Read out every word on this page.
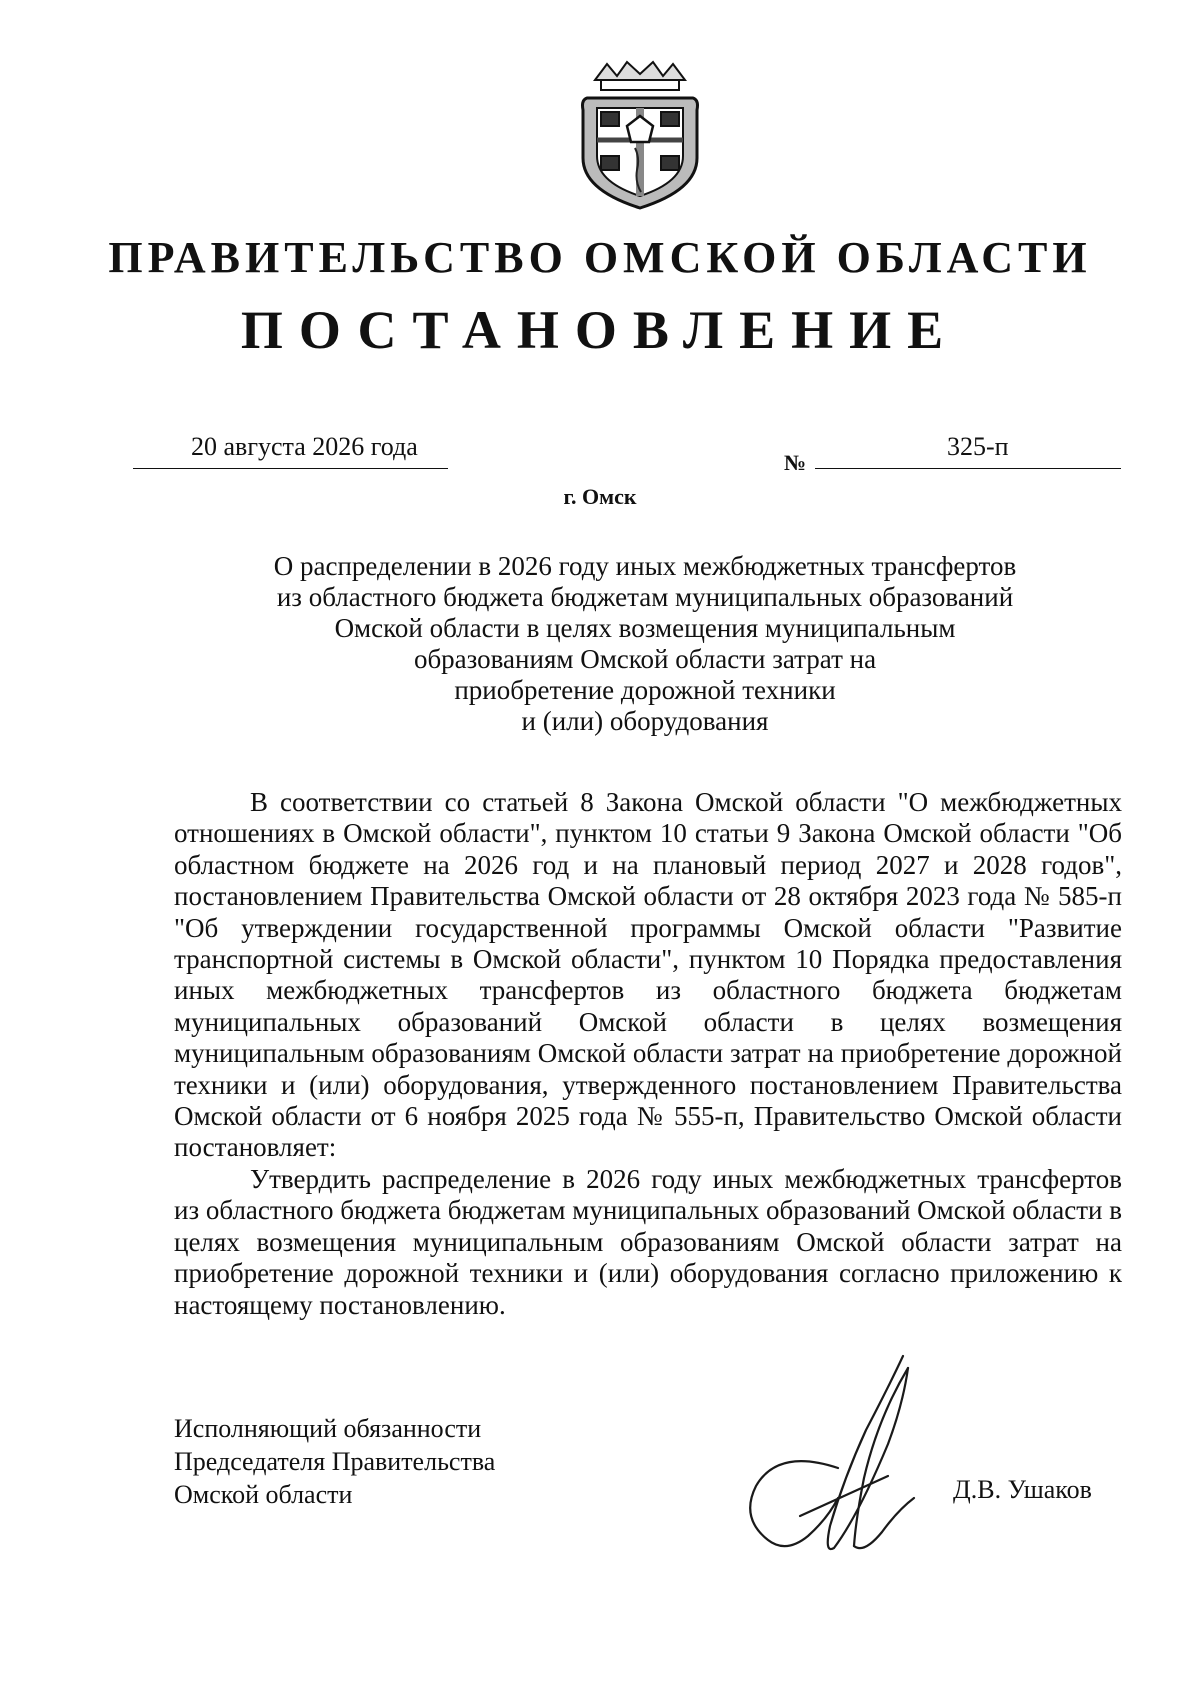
ПРАВИТЕЛЬСТВО ОМСКОЙ ОБЛАСТИ
ПОСТАНОВЛЕНИЕ
20 августа 2026 года
№
325-п
г. Омск
О распределении в 2026 году иных межбюджетных трансфертов
из областного бюджета бюджетам муниципальных образований
Омской области в целях возмещения муниципальным
образованиям Омской области затрат на
приобретение дорожной техники
и (или) оборудования

В соответствии со статьей 8 Закона Омской области "О межбюджетных отношениях в Омской области", пунктом 10 статьи 9 Закона Омской области "Об областном бюджете на 2026 год и на плановый период 2027 и 2028 годов", постановлением Правительства Омской области от 28 октября 2023 года № 585-п "Об утверждении государственной программы Омской области "Развитие транспортной системы в Омской области", пунктом 10 Порядка предоставления иных межбюджетных трансфертов из областного бюджета бюджетам муниципальных образований Омской области в целях возмещения муниципальным образованиям Омской области затрат на приобретение дорожной техники и (или) оборудования, утвержденного постановлением Правительства Омской области от 6 ноября 2025 года № 555-п, Правительство Омской области постановляет:

Утвердить распределение в 2026 году иных межбюджетных трансфертов из областного бюджета бюджетам муниципальных образований Омской области в целях возмещения муниципальным образованиям Омской области затрат на приобретение дорожной техники и (или) оборудования согласно приложению к настоящему постановлению.

Исполняющий обязанности
Председателя Правительства
Омской области	Д.В. Ушаков
